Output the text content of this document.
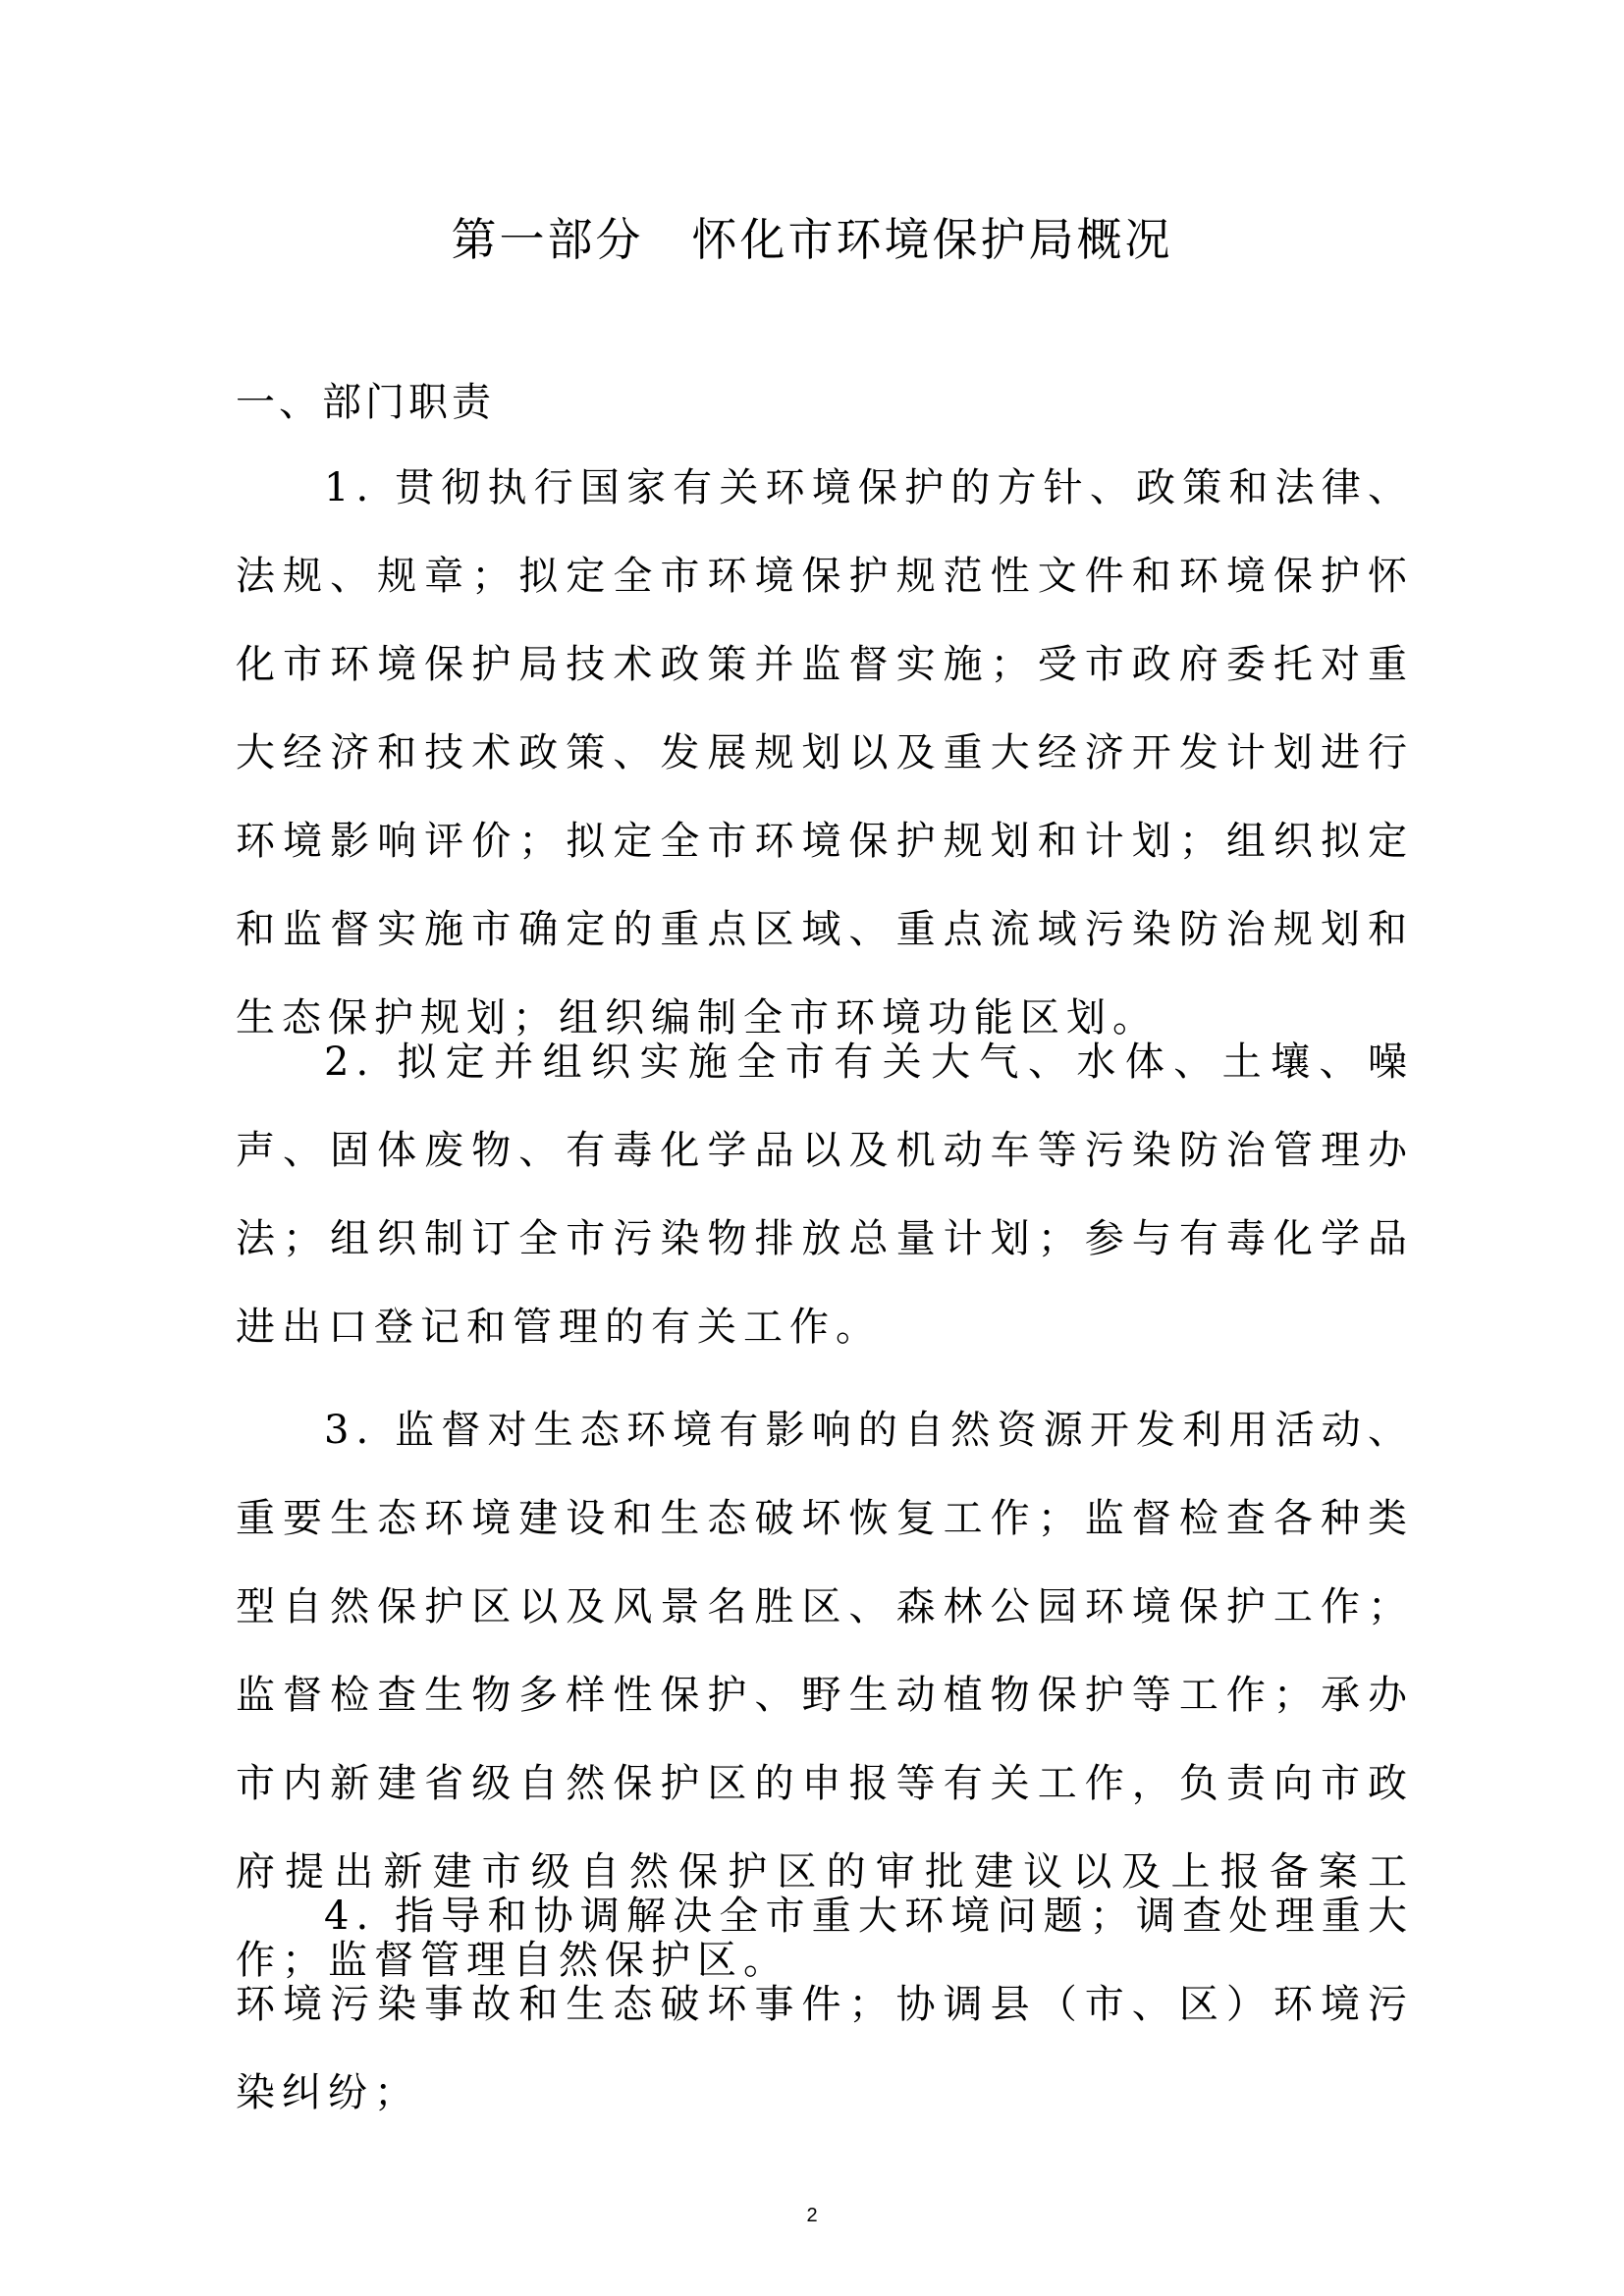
第一部分　怀化市环境保护局概况
一、部门职责

1. 贯彻执行国家有关环境保护的方针、政策和法律、法规、规章；拟定全市环境保护规范性文件和环境保护怀化市环境保护局技术政策并监督实施；受市政府委托对重大经济和技术政策、发展规划以及重大经济开发计划进行环境影响评价；拟定全市环境保护规划和计划；组织拟定和监督实施市确定的重点区域、重点流域污染防治规划和生态保护规划；组织编制全市环境功能区划。

2. 拟定并组织实施全市有关大气、水体、土壤、噪声、固体废物、有毒化学品以及机动车等污染防治管理办法；组织制订全市污染物排放总量计划；参与有毒化学品进出口登记和管理的有关工作。

3. 监督对生态环境有影响的自然资源开发利用活动、重要生态环境建设和生态破坏恢复工作；监督检查各种类型自然保护区以及风景名胜区、森林公园环境保护工作；监督检查生物多样性保护、野生动植物保护等工作；承办市内新建省级自然保护区的申报等有关工作，负责向市政府提出新建市级自然保护区的审批建议以及上报备案工作；监督管理自然保护区。

4. 指导和协调解决全市重大环境问题；调查处理重大环境污染事故和生态破坏事件；协调县（市、区）环境污染纠纷；

2
